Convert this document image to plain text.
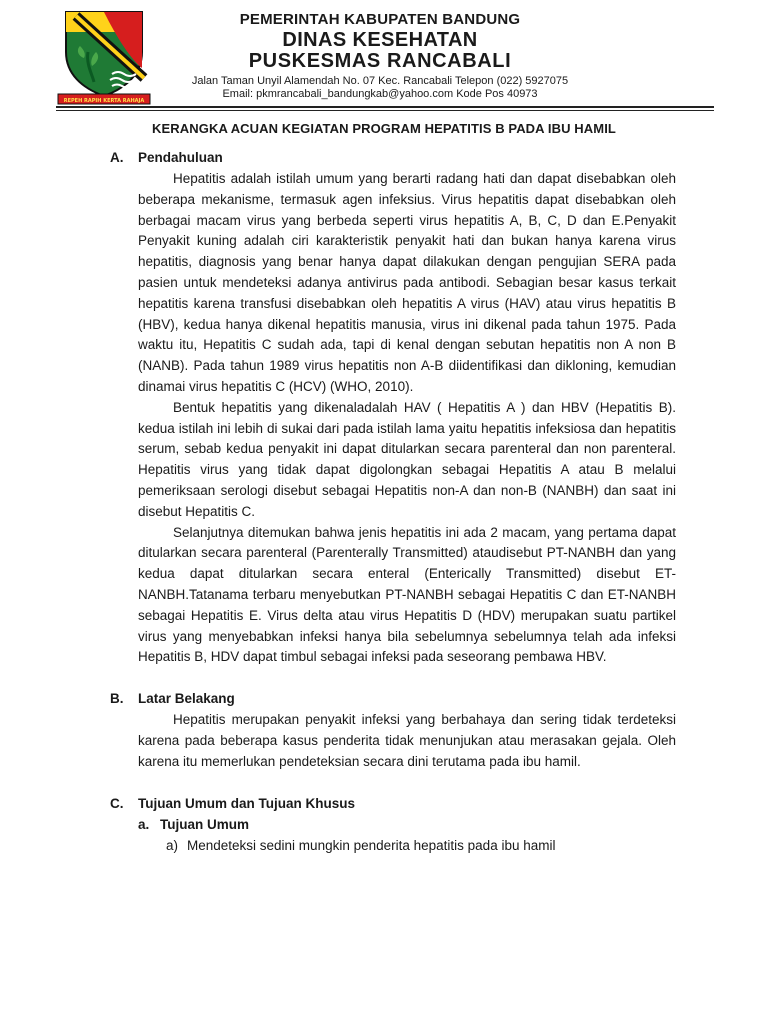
REPEH RAPIH KERTA RAHAJA
PEMERINTAH KABUPATEN BANDUNG
DINAS KESEHATAN
PUSKESMAS RANCABALI
Jalan Taman Unyil Alamendah No. 07 Kec. Rancabali Telepon (022) 5927075
Email: pkmrancabali_bandungkab@yahoo.com Kode Pos 40973
KERANGKA ACUAN KEGIATAN PROGRAM HEPATITIS B PADA IBU HAMIL
A. Pendahuluan

Hepatitis adalah istilah umum yang berarti radang hati dan dapat disebabkan oleh beberapa mekanisme, termasuk agen infeksius. Virus hepatitis dapat disebabkan oleh berbagai macam virus yang berbeda seperti virus hepatitis A, B, C, D dan E.Penyakit Penyakit kuning adalah ciri karakteristik penyakit hati dan bukan hanya karena virus hepatitis, diagnosis yang benar hanya dapat dilakukan dengan pengujian SERA pada pasien untuk mendeteksi adanya antivirus pada antibodi. Sebagian besar kasus terkait hepatitis karena transfusi disebabkan oleh hepatitis A virus (HAV) atau virus hepatitis B (HBV), kedua hanya dikenal hepatitis manusia, virus ini dikenal pada tahun 1975. Pada waktu itu, Hepatitis C sudah ada, tapi di kenal dengan sebutan hepatitis non A non B (NANB). Pada tahun 1989 virus hepatitis non A-B diidentifikasi dan dikloning, kemudian dinamai virus hepatitis C (HCV) (WHO, 2010).

Bentuk hepatitis yang dikenaladalah HAV ( Hepatitis A ) dan HBV (Hepatitis B). kedua istilah ini lebih di sukai dari pada istilah lama yaitu hepatitis infeksiosa dan hepatitis serum, sebab kedua penyakit ini dapat ditularkan secara parenteral dan non parenteral. Hepatitis virus yang tidak dapat digolongkan sebagai Hepatitis A atau B melalui pemeriksaan serologi disebut sebagai Hepatitis non-A dan non-B (NANBH) dan saat ini disebut Hepatitis C.

Selanjutnya ditemukan bahwa jenis hepatitis ini ada 2 macam, yang pertama dapat ditularkan secara parenteral (Parenterally Transmitted) ataudisebut PT-NANBH dan yang kedua dapat ditularkan secara enteral (Enterically Transmitted) disebut ET-NANBH.Tatanama terbaru menyebutkan PT-NANBH sebagai Hepatitis C dan ET-NANBH sebagai Hepatitis E. Virus delta atau virus Hepatitis D (HDV) merupakan suatu partikel virus yang menyebabkan infeksi hanya bila sebelumnya sebelumnya telah ada infeksi Hepatitis B, HDV dapat timbul sebagai infeksi pada seseorang pembawa HBV.

B. Latar Belakang

Hepatitis merupakan penyakit infeksi yang berbahaya dan sering tidak terdeteksi karena pada beberapa kasus penderita tidak menunjukan atau merasakan gejala. Oleh karena itu memerlukan pendeteksian secara dini terutama pada ibu hamil.

C. Tujuan Umum dan Tujuan Khusus
a. Tujuan Umum
a) Mendeteksi sedini mungkin penderita hepatitis pada ibu hamil
